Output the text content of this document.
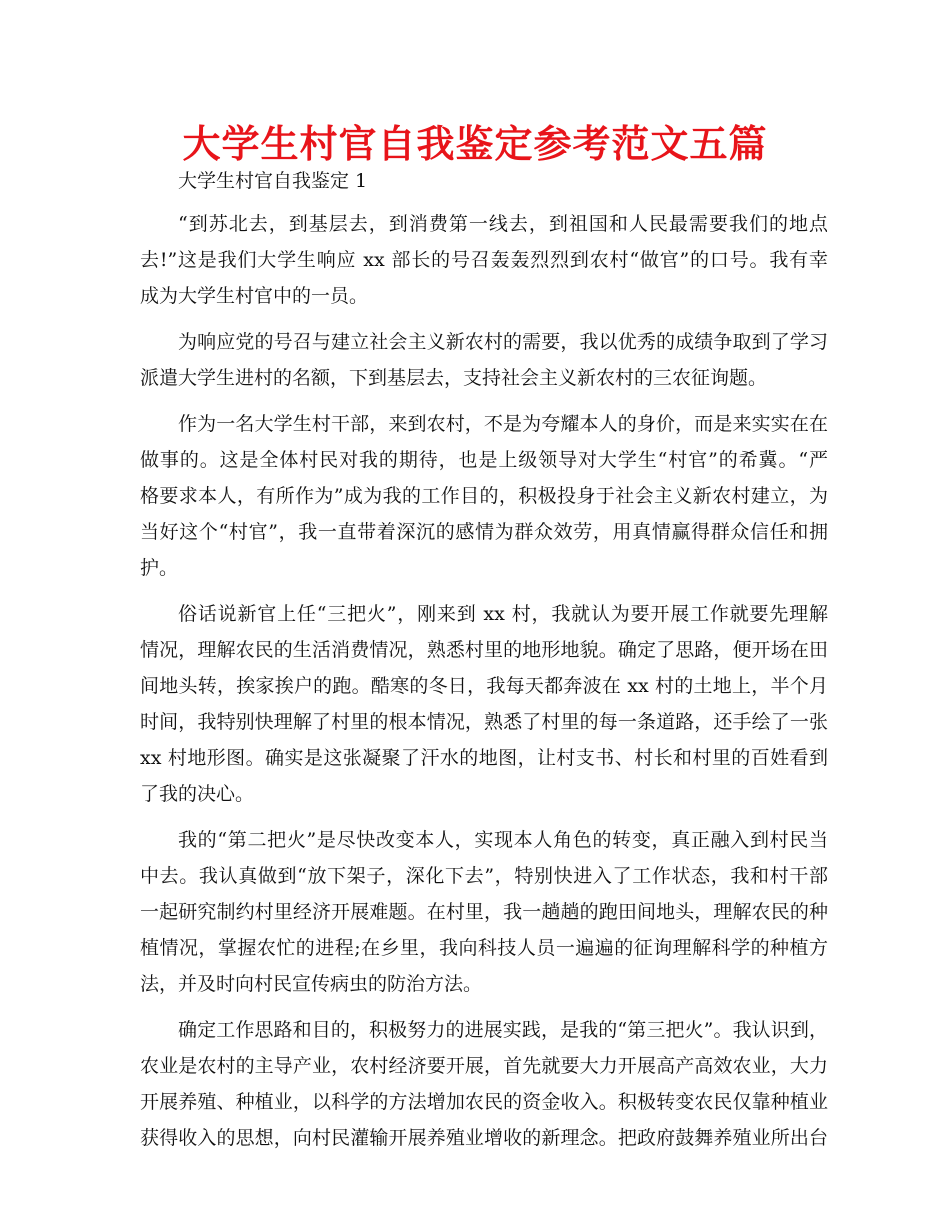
大学生村官自我鉴定参考范文五篇
大学生村官自我鉴定 1
“到苏北去，到基层去，到消费第一线去，到祖国和人民最需要我们的地点
去!”这是我们大学生响应 xx 部长的号召轰轰烈烈到农村“做官”的口号。我有幸
成为大学生村官中的一员。
为响应党的号召与建立社会主义新农村的需要，我以优秀的成绩争取到了学习
派遣大学生进村的名额，下到基层去，支持社会主义新农村的三农征询题。
作为一名大学生村干部，来到农村，不是为夸耀本人的身价，而是来实实在在
做事的。这是全体村民对我的期待，也是上级领导对大学生“村官”的希冀。“严
格要求本人，有所作为”成为我的工作目的，积极投身于社会主义新农村建立，为
当好这个“村官”，我一直带着深沉的感情为群众效劳，用真情赢得群众信任和拥
护。
俗话说新官上任“三把火”，刚来到 xx 村，我就认为要开展工作就要先理解
情况，理解农民的生活消费情况，熟悉村里的地形地貌。确定了思路，便开场在田
间地头转，挨家挨户的跑。酷寒的冬日，我每天都奔波在 xx 村的土地上，半个月
时间，我特别快理解了村里的根本情况，熟悉了村里的每一条道路，还手绘了一张
xx 村地形图。确实是这张凝聚了汗水的地图，让村支书、村长和村里的百姓看到
了我的决心。
我的“第二把火”是尽快改变本人，实现本人角色的转变，真正融入到村民当
中去。我认真做到“放下架子，深化下去”，特别快进入了工作状态，我和村干部
一起研究制约村里经济开展难题。在村里，我一趟趟的跑田间地头，理解农民的种
植情况，掌握农忙的进程;在乡里，我向科技人员一遍遍的征询理解科学的种植方
法，并及时向村民宣传病虫的防治方法。
确定工作思路和目的，积极努力的进展实践，是我的“第三把火”。我认识到，
农业是农村的主导产业，农村经济要开展，首先就要大力开展高产高效农业，大力
开展养殖、种植业，以科学的方法增加农民的资金收入。积极转变农民仅靠种植业
获得收入的思想，向村民灌输开展养殖业增收的新理念。把政府鼓舞养殖业所出台
